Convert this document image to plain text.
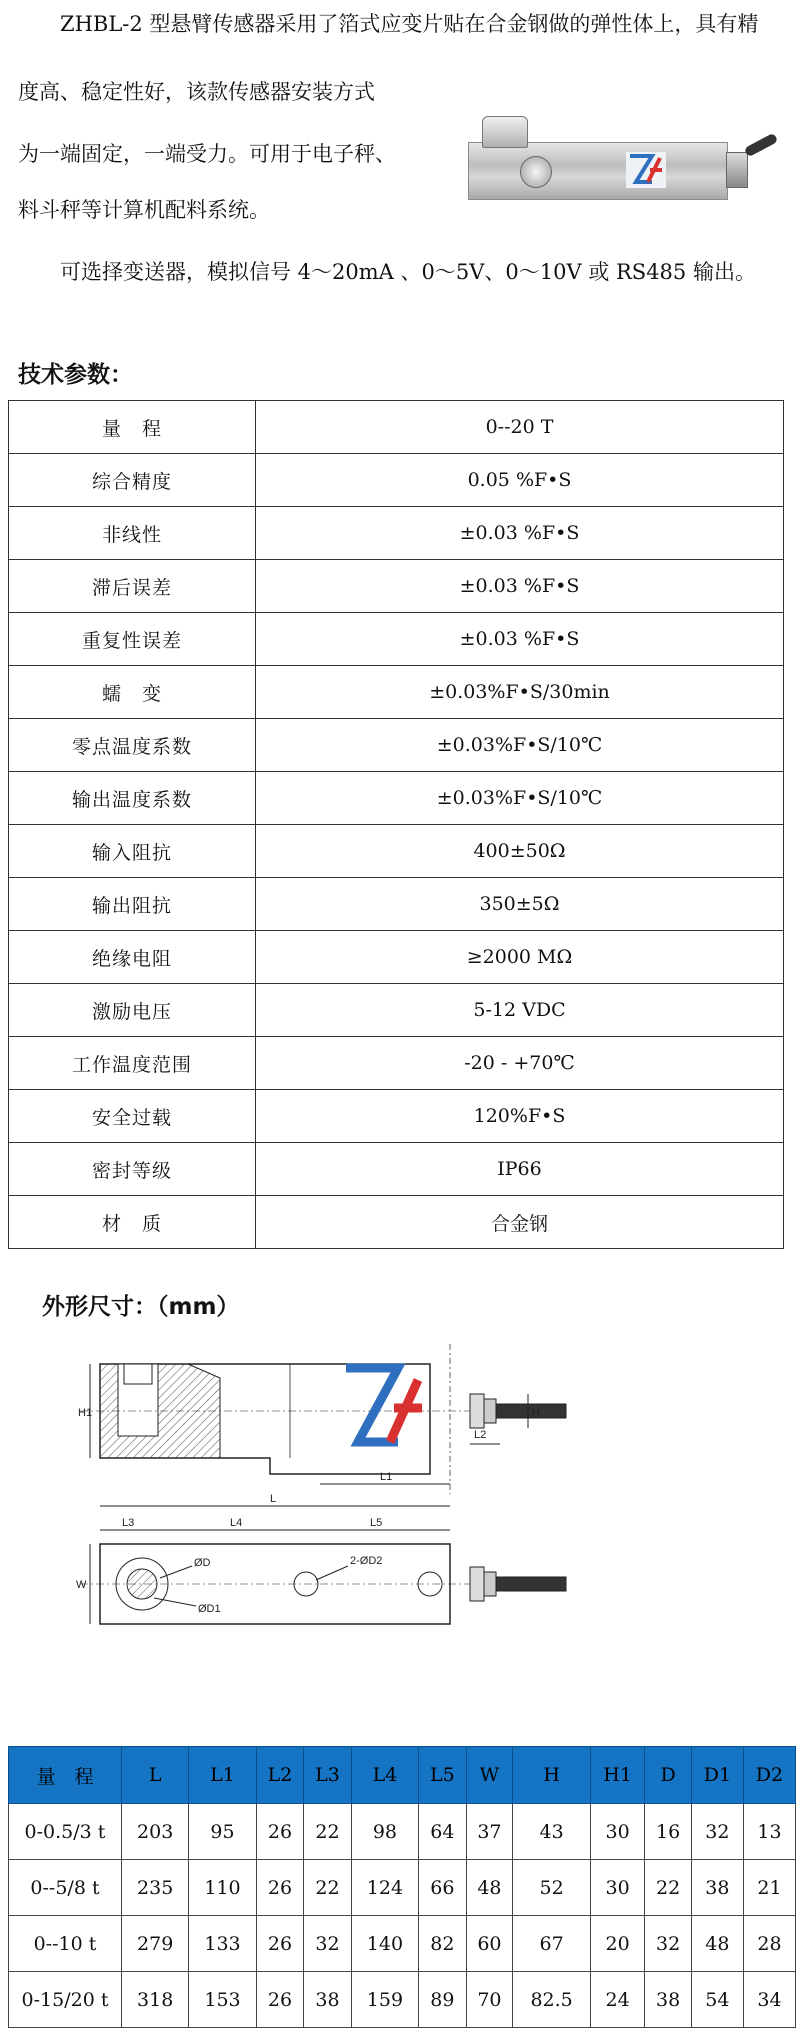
ZHBL-2 型悬臂传感器采用了箔式应变片贴在合金钢做的弹性体上，具有精

度高、稳定性好，该款传感器安装方式

为一端固定，一端受力。可用于电子秤、

料斗秤等计算机配料系统。

可选择变送器，模拟信号 4～20mA 、0～5V、0～10V 或 RS485 输出。

技术参数：
量　程	0--20 T
综合精度	0.05 %F•S
非线性	±0.03 %F•S
滞后误差	±0.03 %F•S
重复性误差	±0.03 %F•S
蠕　变	±0.03%F•S/30min
零点温度系数	±0.03%F•S/10℃
输出温度系数	±0.03%F•S/10℃
输入阻抗	400±50Ω
输出阻抗	350±5Ω
绝缘电阻	≥2000 MΩ
激励电压	5-12 VDC
工作温度范围	-20 - +70℃
安全过载	120%F•S
密封等级	IP66
材　质	合金钢
外形尺寸：（mm）
H1	H
L2
L1
L
L3	L4	L5
W
ØD
ØD1
2-ØD2
量　程	L	L1	L2	L3	L4	L5	W	H	H1	D	D1	D2
0-0.5/3 t	203	95	26	22	98	64	37	43	30	16	32	13
0--5/8 t	235	110	26	22	124	66	48	52	30	22	38	21
0--10 t	279	133	26	32	140	82	60	67	20	32	48	28
0-15/20 t	318	153	26	38	159	89	70	82.5	24	38	54	34
